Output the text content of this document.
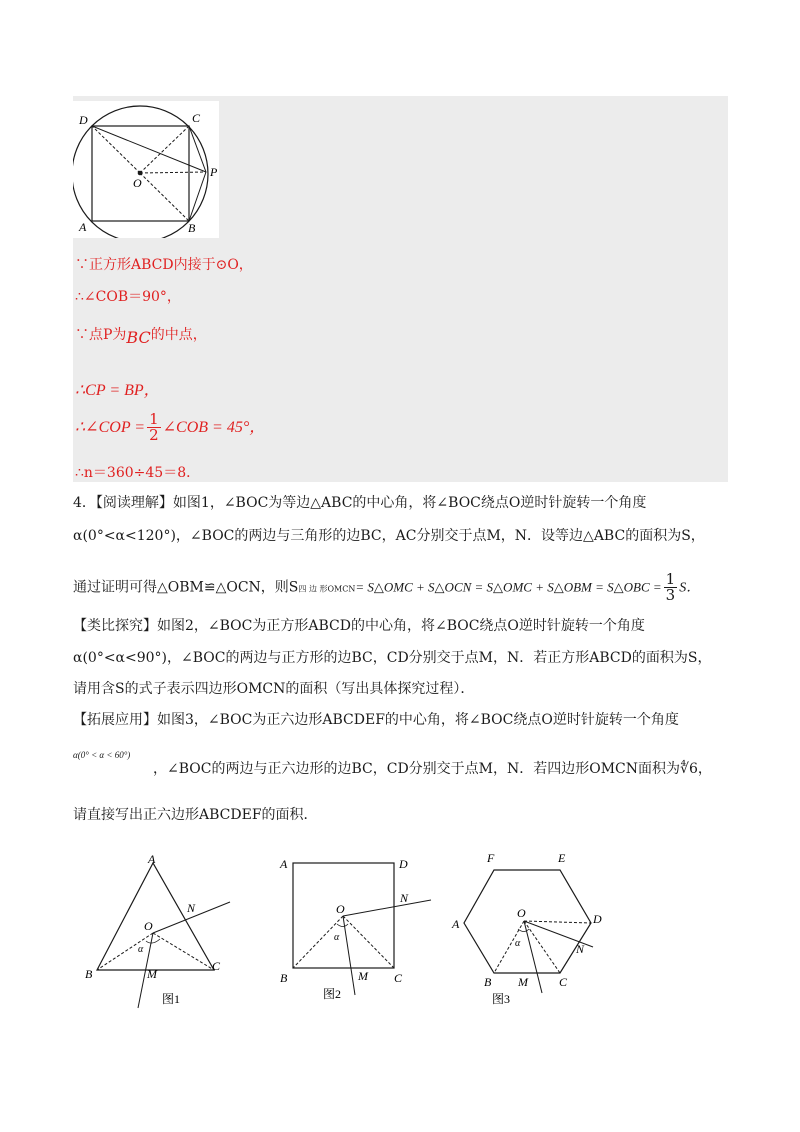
D	C
O
P
A	B
∵正方形ABCD内接于⊙O，
∴∠COB＝90°，
∵点P为BC的中点，
∴CP = BP，
∴∠COP = $\frac{1}{2}$ ∠COB = 45°，
∴n＝360÷45＝8．
4．【阅读理解】如图1，∠BOC为等边△ABC的中心角，将∠BOC绕点O逆时针旋转一个角度
α(0°<α<120°)，∠BOC的两边与三角形的边BC，AC分别交于点M，N．设等边△ABC的面积为S，
通过证明可得△OBM≌△OCN，则S四 边 形OMCN= S△OMC + S△OCN = S△OMC + S△OBM = S△OBC = $\frac{1}{3}$ S．
【类比探究】如图2，∠BOC为正方形ABCD的中心角，将∠BOC绕点O逆时针旋转一个角度
α(0°<α<90°)，∠BOC的两边与正方形的边BC，CD分别交于点M，N．若正方形ABCD的面积为S，
请用含S的式子表示四边形OMCN的面积（写出具体探究过程）．
【拓展应用】如图3，∠BOC为正六边形ABCDEF的中心角，将∠BOC绕点O逆时针旋转一个角度
α(0° < α < 60°)
，∠BOC的两边与正六边形的边BC，CD分别交于点M，N．若四边形OMCN面积为∜6，
请直接写出正六边形ABCDEF的面积．
A
B
C
O
N
M
α
图1
A	D
B	C
O
N
M
α
图2
F	E
A	D
O
N
B M	C
α
图3
